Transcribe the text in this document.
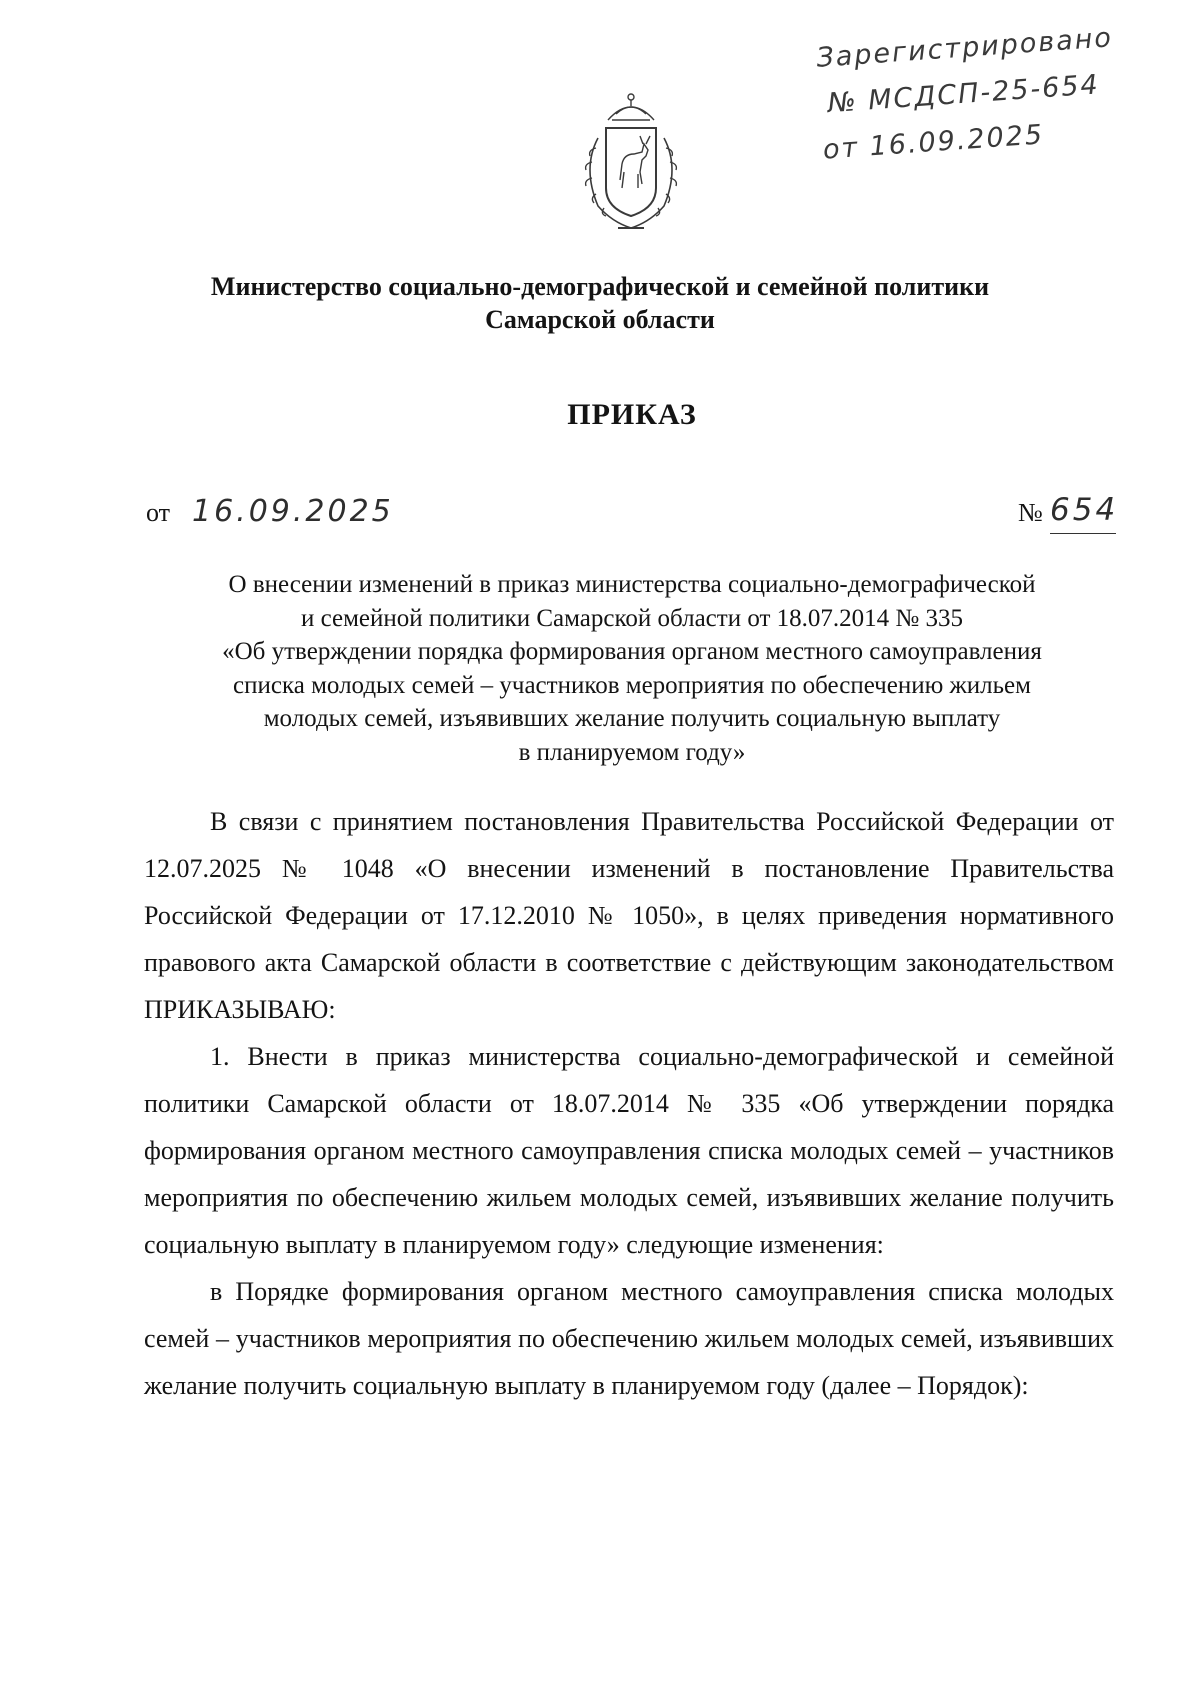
Зарегистрировано
№ МСДСП-25-654
от 16.09.2025
Министерство социально-демографической и семейной политики
Самарской области
ПРИКАЗ
от 16.09.2025	№ 654
О внесении изменений в приказ министерства социально-демографической
и семейной политики Самарской области от 18.07.2014 № 335
«Об утверждении порядка формирования органом местного самоуправления
списка молодых семей – участников мероприятия по обеспечению жильем
молодых семей, изъявивших желание получить социальную выплату
в планируемом году»

В связи с принятием постановления Правительства Российской Федерации от 12.07.2025 № 1048 «О внесении изменений в постановление Правительства Российской Федерации от 17.12.2010 № 1050», в целях приведения нормативного правового акта Самарской области в соответствие с действующим законодательством ПРИКАЗЫВАЮ:

1. Внести в приказ министерства социально-демографической и семейной политики Самарской области от 18.07.2014 № 335 «Об утверждении порядка формирования органом местного самоуправления списка молодых семей – участников мероприятия по обеспечению жильем молодых семей, изъявивших желание получить социальную выплату в планируемом году» следующие изменения:

в Порядке формирования органом местного самоуправления списка молодых семей – участников мероприятия по обеспечению жильем молодых семей, изъявивших желание получить социальную выплату в планируемом году (далее – Порядок):
